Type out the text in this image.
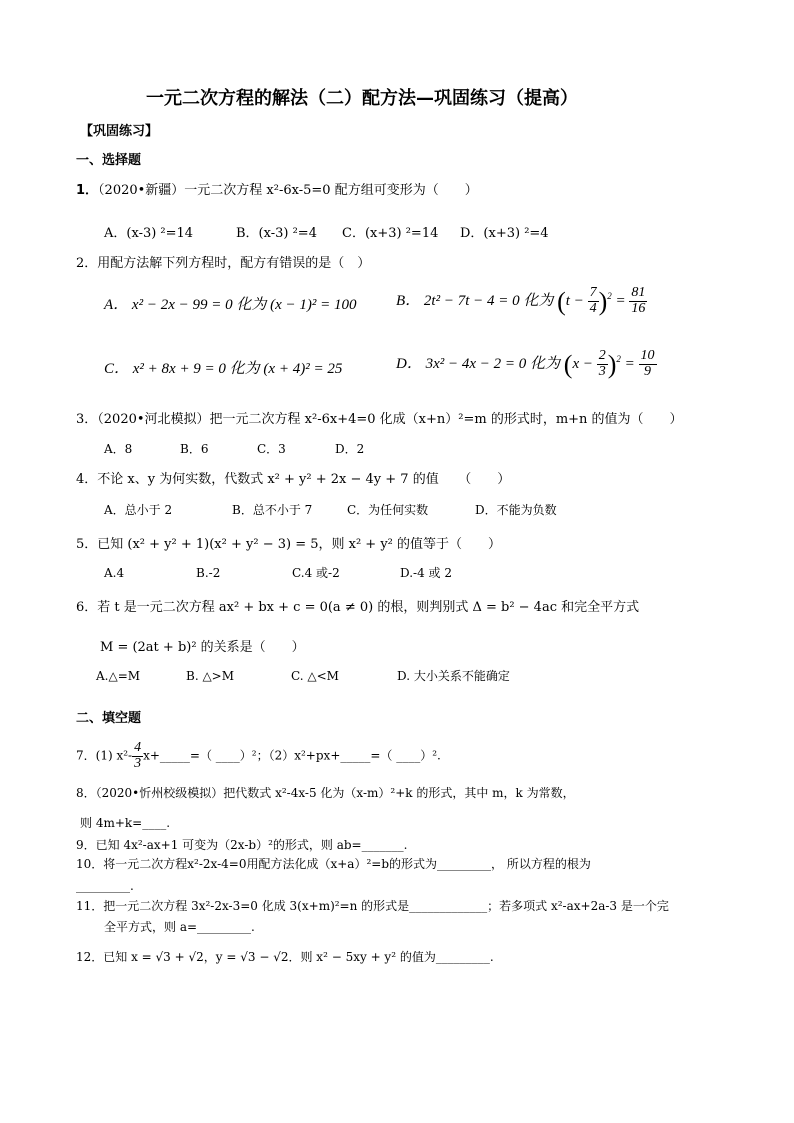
一元二次方程的解法（二）配方法—巩固练习（提高）
【巩固练习】
一、选择题
1．（2020•新疆）一元二次方程 x²-6x-5=0 配方组可变形为（　　）
A．(x-3) ²=14	B．(x-3) ²=4 C．(x+3) ²=14 D．(x+3) ²=4
2．用配方法解下列方程时，配方有错误的是（　）
A． x² − 2x − 99 = 0 化为 (x − 1)² = 100	B． 2t² − 7t − 4 = 0 化为 $(t - \frac{7}{4} )^2 = \frac{81}{16}$
C． x² + 8x + 9 = 0 化为 (x + 4)² = 25	D． 3x² − 4x − 2 = 0 化为 $(x - \frac{2}{3} )^2 = \frac{10}{9}$
3．（2020•河北模拟）把一元二次方程 x²-6x+4=0 化成（x+n）²=m 的形式时，m+n 的值为（　　）
A．8	B．6	C．3	D．2
4．不论 x、y 为何实数，代数式 x² + y² + 2x − 4y + 7 的值　　（　　）
A．总小于 2	B．总不小于 7	C．为任何实数	D．不能为负数
5．已知 (x² + y² + 1)(x² + y² − 3) = 5，则 x² + y² 的值等于（　　）
A.4	B.-2	C.4 或-2	D.-4 或 2
6．若 t 是一元二次方程 ax² + bx + c = 0(a ≠ 0) 的根，则判别式 Δ = b² − 4ac 和完全平方式
M = (2at + b)² 的关系是（　　）
A.△=M	B. △>M	C. △<M	D. 大小关系不能确定
二、填空题
7．(1) $x^2- \frac{4}{3}$ x+_____=（ ____）²；（2）x²+px+_____=（ ____）².
8．（2020•忻州校级模拟）把代数式 x²-4x-5 化为（x-m）²+k 的形式，其中 m，k 为常数，
则 4m+k=____.
9．已知 4x²-ax+1 可变为（2x-b）²的形式，则 ab=_______.
10．将一元二次方程x²-2x-4=0用配方法化成（x+a）²=b的形式为_________， 所以方程的根为
_________.
11．把一元二次方程 3x²-2x-3=0 化成 3(x+m)²=n 的形式是_____________；若多项式 x²-ax+2a-3 是一个完
全平方式，则 a=_________.
12．已知 x = √3 + √2，y = √3 − √2．则 x² − 5xy + y² 的值为_________.
